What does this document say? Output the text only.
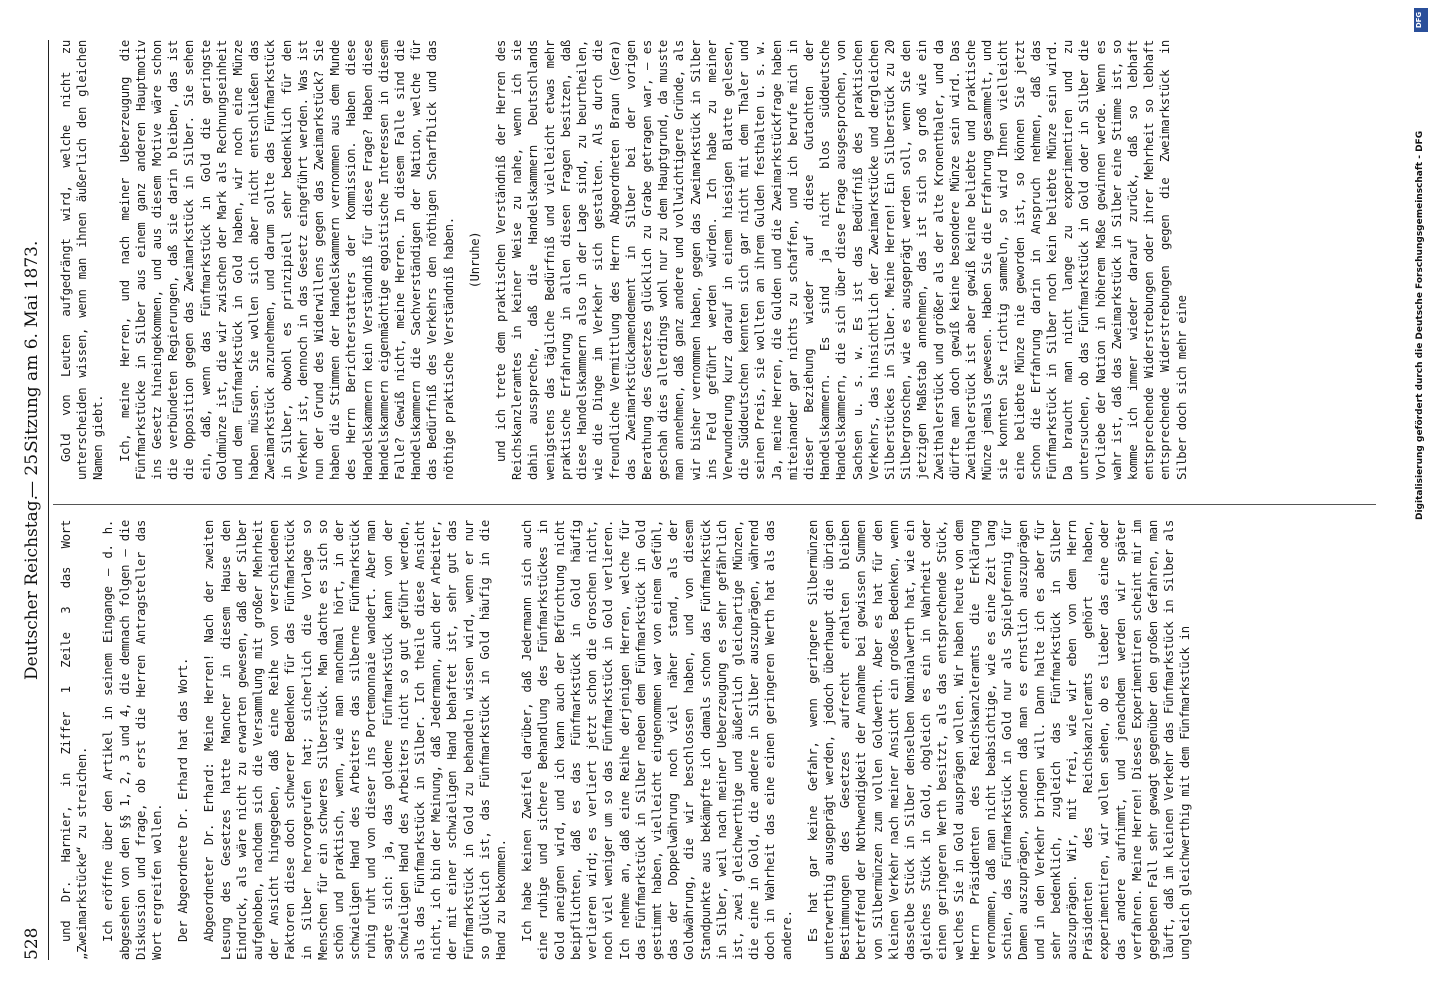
528
Deutscher Reichstag.
— 25.
Sitzung am 6. Mai 1873.

und Dr. Harnier, in Ziffer 1 Zeile 3 das Wort „Zweimarkstücke“ zu streichen. Ich eröffne über den Artikel in seinem Eingange — d. h. abgesehen von den §§ 1, 2, 3 und 4, die demnach folgen — die Diskussion und frage, ob erst die Herren Antragsteller das Wort ergreifen wollen. Der Abgeordnete Dr. Erhard hat das Wort. Abgeordneter Dr. Erhard: Meine Herren! Nach der zweiten Lesung des Gesetzes hatte Mancher in diesem Hause den Eindruck, als wäre nicht zu erwarten gewesen, daß der Silber aufgehoben, nachdem sich die Versammlung mit großer Mehrheit der Ansicht hingegeben, daß eine Reihe von verschiedenen Faktoren diese doch schwerer Bedenken für das Fünfmarkstück in Silber hervorgerufen hat; sicherlich die Vorlage so Menschen für ein schweres Silberstück. Man dachte es sich so schön und praktisch, wenn, wie man manchmal hört, in der schwieligen Hand des Arbeiters das silberne Fünfmarkstück ruhig ruht und von dieser ins Portemonnaie wandert. Aber man sagte sich: ja, das goldene Fünfmarkstück kann von der schwieligen Hand des Arbeiters nicht so gut geführt werden, als das Fünfmarkstück in Silber. Ich theile diese Ansicht nicht, ich bin der Meinung, daß Jedermann, auch der Arbeiter, der mit einer schwieligen Hand behaftet ist, sehr gut das Fünfmarkstück in Gold zu behandeln wissen wird, wenn er nur so glücklich ist, das Fünfmarkstück in Gold häufig in die Hand zu bekommen. Ich habe keinen Zweifel darüber, daß Jedermann sich auch eine ruhige und sichere Behandlung des Fünfmarkstückes in Gold aneignen wird, und ich kann auch der Befürchtung nicht beipflichten, daß es das Fünfmarkstück in Gold häufig verlieren wird; es verliert jetzt schon die Groschen nicht, noch viel weniger um so das Fünfmarkstück in Gold verlieren. Ich nehme an, daß eine Reihe derjenigen Herren, welche für das Fünfmarkstück in Silber neben dem Fünfmarkstück in Gold gestimmt haben, vielleicht eingenommen war von einem Gefühl, das der Doppelwährung noch viel näher stand, als der Goldwährung, die wir beschlossen haben, und von diesem Standpunkte aus bekämpfte ich damals schon das Fünfmarkstück in Silber, weil nach meiner Ueberzeugung es sehr gefährlich ist, zwei gleichwerthige und äußerlich gleichartige Münzen, die eine in Gold, die andere in Silber auszuprägen, während doch in Wahrheit das eine einen geringeren Werth hat als das andere. Es hat gar keine Gefahr, wenn geringere Silbermünzen unterwerthig ausgeprägt werden, jedoch überhaupt die übrigen Bestimmungen des Gesetzes aufrecht erhalten bleiben betreffend der Nothwendigkeit der Annahme bei gewissen Summen von Silbermünzen zum vollen Goldwerth. Aber es hat für den kleinen Verkehr nach meiner Ansicht ein großes Bedenken, wenn dasselbe Stück in Silber denselben Nominalwerth hat, wie ein gleiches Stück in Gold, obgleich es ein in Wahrheit oder einen geringeren Werth besitzt, als das entsprechende Stück, welches Sie in Gold ausprägen wollen. Wir haben heute von dem Herrn Präsidenten des Reichskanzleramts die Erklärung vernommen, daß man nicht beabsichtige, wie es eine Zeit lang schien, das Fünfmarkstück in Gold nur als Spielpfennig für Damen auszuprägen, sondern daß man es ernstlich auszuprägen und in den Verkehr bringen will. Dann halte ich es aber für sehr bedenklich, zugleich das Fünfmarkstück in Silber auszuprägen. Wir, mit frei, wie wir eben von dem Herrn Präsidenten des Reichskanzleramts gehört haben, experimentiren, wir wollen sehen, ob es lieber das eine oder das andere aufnimmt, und jenachdem werden wir später verfahren. Meine Herren! Dieses Experimentiren scheint mir im gegebenen Fall sehr gewagt gegenüber den großen Gefahren, man läuft, daß im kleinen Verkehr das Fünfmarkstück in Silber als ungleich gleichwerthig mit dem Fünfmarkstück in

Gold von Leuten aufgedrängt wird, welche nicht zu unterscheiden wissen, wenn man ihnen äußerlich den gleichen Namen giebt. Ich, meine Herren, und nach meiner Ueberzeugung die Fünfmarkstücke in Silber aus einem ganz anderen Hauptmotiv ins Gesetz hineingekommen, und aus diesem Motive wäre schon die verbündeten Regierungen, daß sie darin bleiben, das ist die Opposition gegen das Zweimarkstück in Silber. Sie sehen ein, daß, wenn das Fünfmarkstück in Gold die geringste Goldmünze ist, die wir zwischen der Mark als Rechnungseinheit und dem Fünfmarkstück in Gold haben, wir noch eine Münze haben müssen. Sie wollen sich aber nicht entschließen das Zweimarkstück anzunehmen, und darum sollte das Fünfmarkstück in Silber, obwohl es prinzipiell sehr bedenklich für den Verkehr ist, dennoch in das Gesetz eingeführt werden. Was ist nun der Grund des Widerwillens gegen das Zweimarkstück? Sie haben die Stimmen der Handelskammern vernommen aus dem Munde des Herrn Berichterstatters der Kommission. Haben diese Handelskammern kein Verständniß für diese Frage? Haben diese Handelskammern eigenmächtige egoistische Interessen in diesem Falle? Gewiß nicht, meine Herren. In diesem Falle sind die Handelskammern die Sachverständigen der Nation, welche für das Bedürfniß des Verkehrs den nöthigen Scharfblick und das nöthige praktische Verständniß haben. (Unruhe) und ich trete dem praktischen Verständniß der Herren des Reichskanzleramtes in keiner Weise zu nahe, wenn ich sie dahin ausspreche, daß die Handelskammern Deutschlands wenigstens das tägliche Bedürfniß und vielleicht etwas mehr praktische Erfahrung in allen diesen Fragen besitzen, daß diese Handelskammern also in der Lage sind, zu beurtheilen, wie die Dinge im Verkehr sich gestalten. Als durch die freundliche Vermittlung des Herrn Abgeordneten Braun (Gera) das Zweimarkstückamendement in Silber bei der vorigen Berathung des Gesetzes glücklich zu Grabe getragen war, — es geschah dies allerdings wohl nur zu dem Hauptgrund, da musste man annehmen, daß ganz andere und vollwichtigere Gründe, als wir bisher vernommen haben, gegen das Zweimarkstück in Silber ins Feld geführt werden würden. Ich habe zu meiner Verwunderung kurz darauf in einem hiesigen Blatte gelesen, die Süddeutschen kennten sich gar nicht mit dem Thaler und seinen Preis, sie wollten an ihrem Gulden festhalten u. s. w. Ja, meine Herren, die Gulden und die Zweimarkstückfrage haben miteinander gar nichts zu schaffen, und ich berufe mich in dieser Beziehung wieder auf diese Gutachten der Handelskammern. Es sind ja nicht blos süddeutsche Handelskammern, die sich über diese Frage ausgesprochen, von Sachsen u. s. w. Es ist das Bedürfniß des praktischen Verkehrs, das hinsichtlich der Zweimarkstücke und dergleichen Silberstückes in Silber. Meine Herren! Ein Silberstück zu 20 Silbergroschen, wie es ausgeprägt werden soll, wenn Sie den jetzigen Maßstab annehmen, das ist sich so groß wie ein Zweithalerstück und größer als der alte Kronenthaler, und da dürfte man doch gewiß keine besondere Münze sein wird. Das Zweithalerstück ist aber gewiß keine beliebte und praktische Münze jemals gewesen. Haben Sie die Erfahrung gesammelt, und sie konnten Sie richtig sammeln, so wird Ihnen vielleicht eine beliebte Münze nie geworden ist, so können Sie jetzt schon die Erfahrung darin in Anspruch nehmen, daß das Fünfmarkstück in Silber noch kein beliebte Münze sein wird. Da braucht man nicht lange zu experimentiren und zu untersuchen, ob das Fünfmarkstück in Gold oder in Silber die Vorliebe der Nation in höherem Maße gewinnen werde. Wenn es wahr ist, daß das Zweimarkstück in Silber eine Stimme ist, so komme ich immer wieder darauf zurück, daß so lebhaft entsprechende Widerstrebungen oder ihrer Mehrheit so lebhaft entsprechende Widerstrebungen gegen die Zweimarkstück in Silber doch sich mehr eine

DFG
Digitalisierung gefördert durch die Deutsche Forschungsgemeinschaft - DFG
